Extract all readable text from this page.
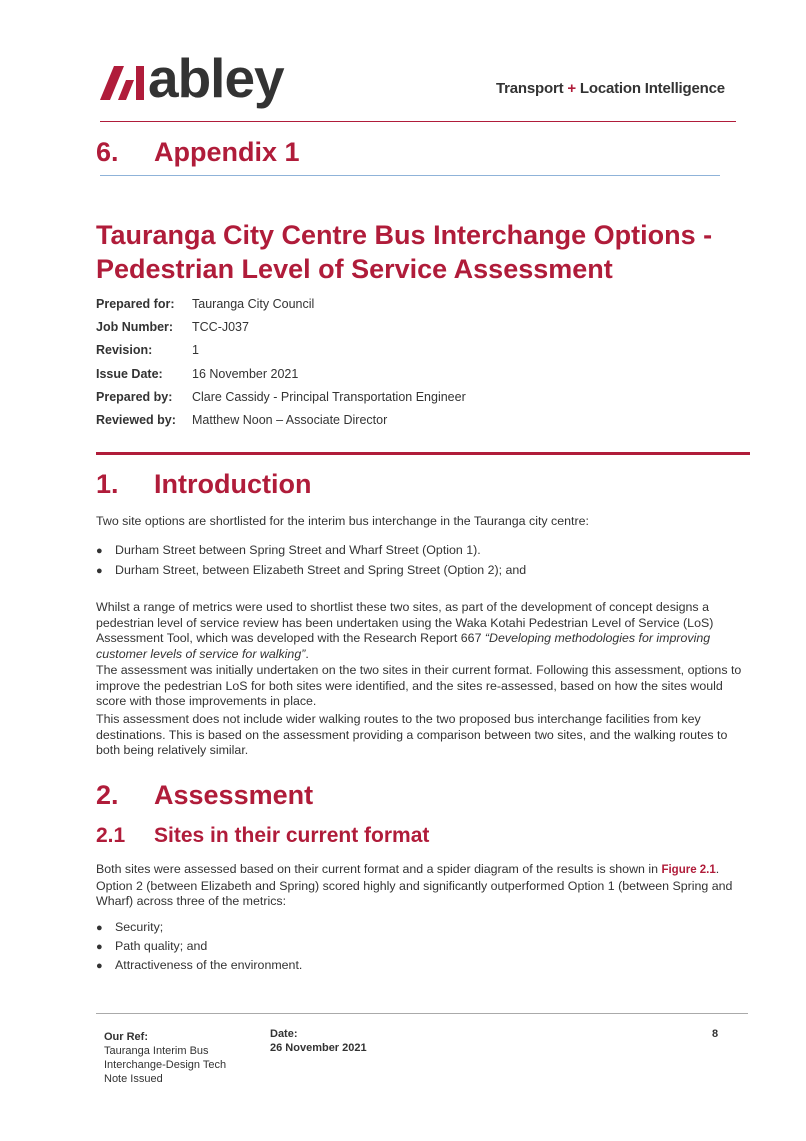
abley	Transport + Location Intelligence
6. Appendix 1
Tauranga City Centre Bus Interchange Options - Pedestrian Level of Service Assessment
Prepared for: Tauranga City Council
Job Number: TCC-J037
Revision:	1
Issue Date: 16 November 2021
Prepared by: Clare Cassidy - Principal Transportation Engineer
Reviewed by: Matthew Noon – Associate Director
1. Introduction
Two site options are shortlisted for the interim bus interchange in the Tauranga city centre:
● Durham Street between Spring Street and Wharf Street (Option 1).
● Durham Street, between Elizabeth Street and Spring Street (Option 2); and
Whilst a range of metrics were used to shortlist these two sites, as part of the development of concept designs a pedestrian level of service review has been undertaken using the Waka Kotahi Pedestrian Level of Service (LoS) Assessment Tool, which was developed with the Research Report 667 “Developing methodologies for improving customer levels of service for walking”.
The assessment was initially undertaken on the two sites in their current format. Following this assessment, options to improve the pedestrian LoS for both sites were identified, and the sites re-assessed, based on how the sites would score with those improvements in place.
This assessment does not include wider walking routes to the two proposed bus interchange facilities from key destinations. This is based on the assessment providing a comparison between two sites, and the walking routes to both being relatively similar.
2. Assessment
2.1 Sites in their current format
Both sites were assessed based on their current format and a spider diagram of the results is shown in Figure 2.1. Option 2 (between Elizabeth and Spring) scored highly and significantly outperformed Option 1 (between Spring and Wharf) across three of the metrics:
● Security;
● Path quality; and
● Attractiveness of the environment.
Our Ref:
Tauranga Interim Bus
Interchange-Design Tech
Note Issued
Date:
26 November 2021
8
